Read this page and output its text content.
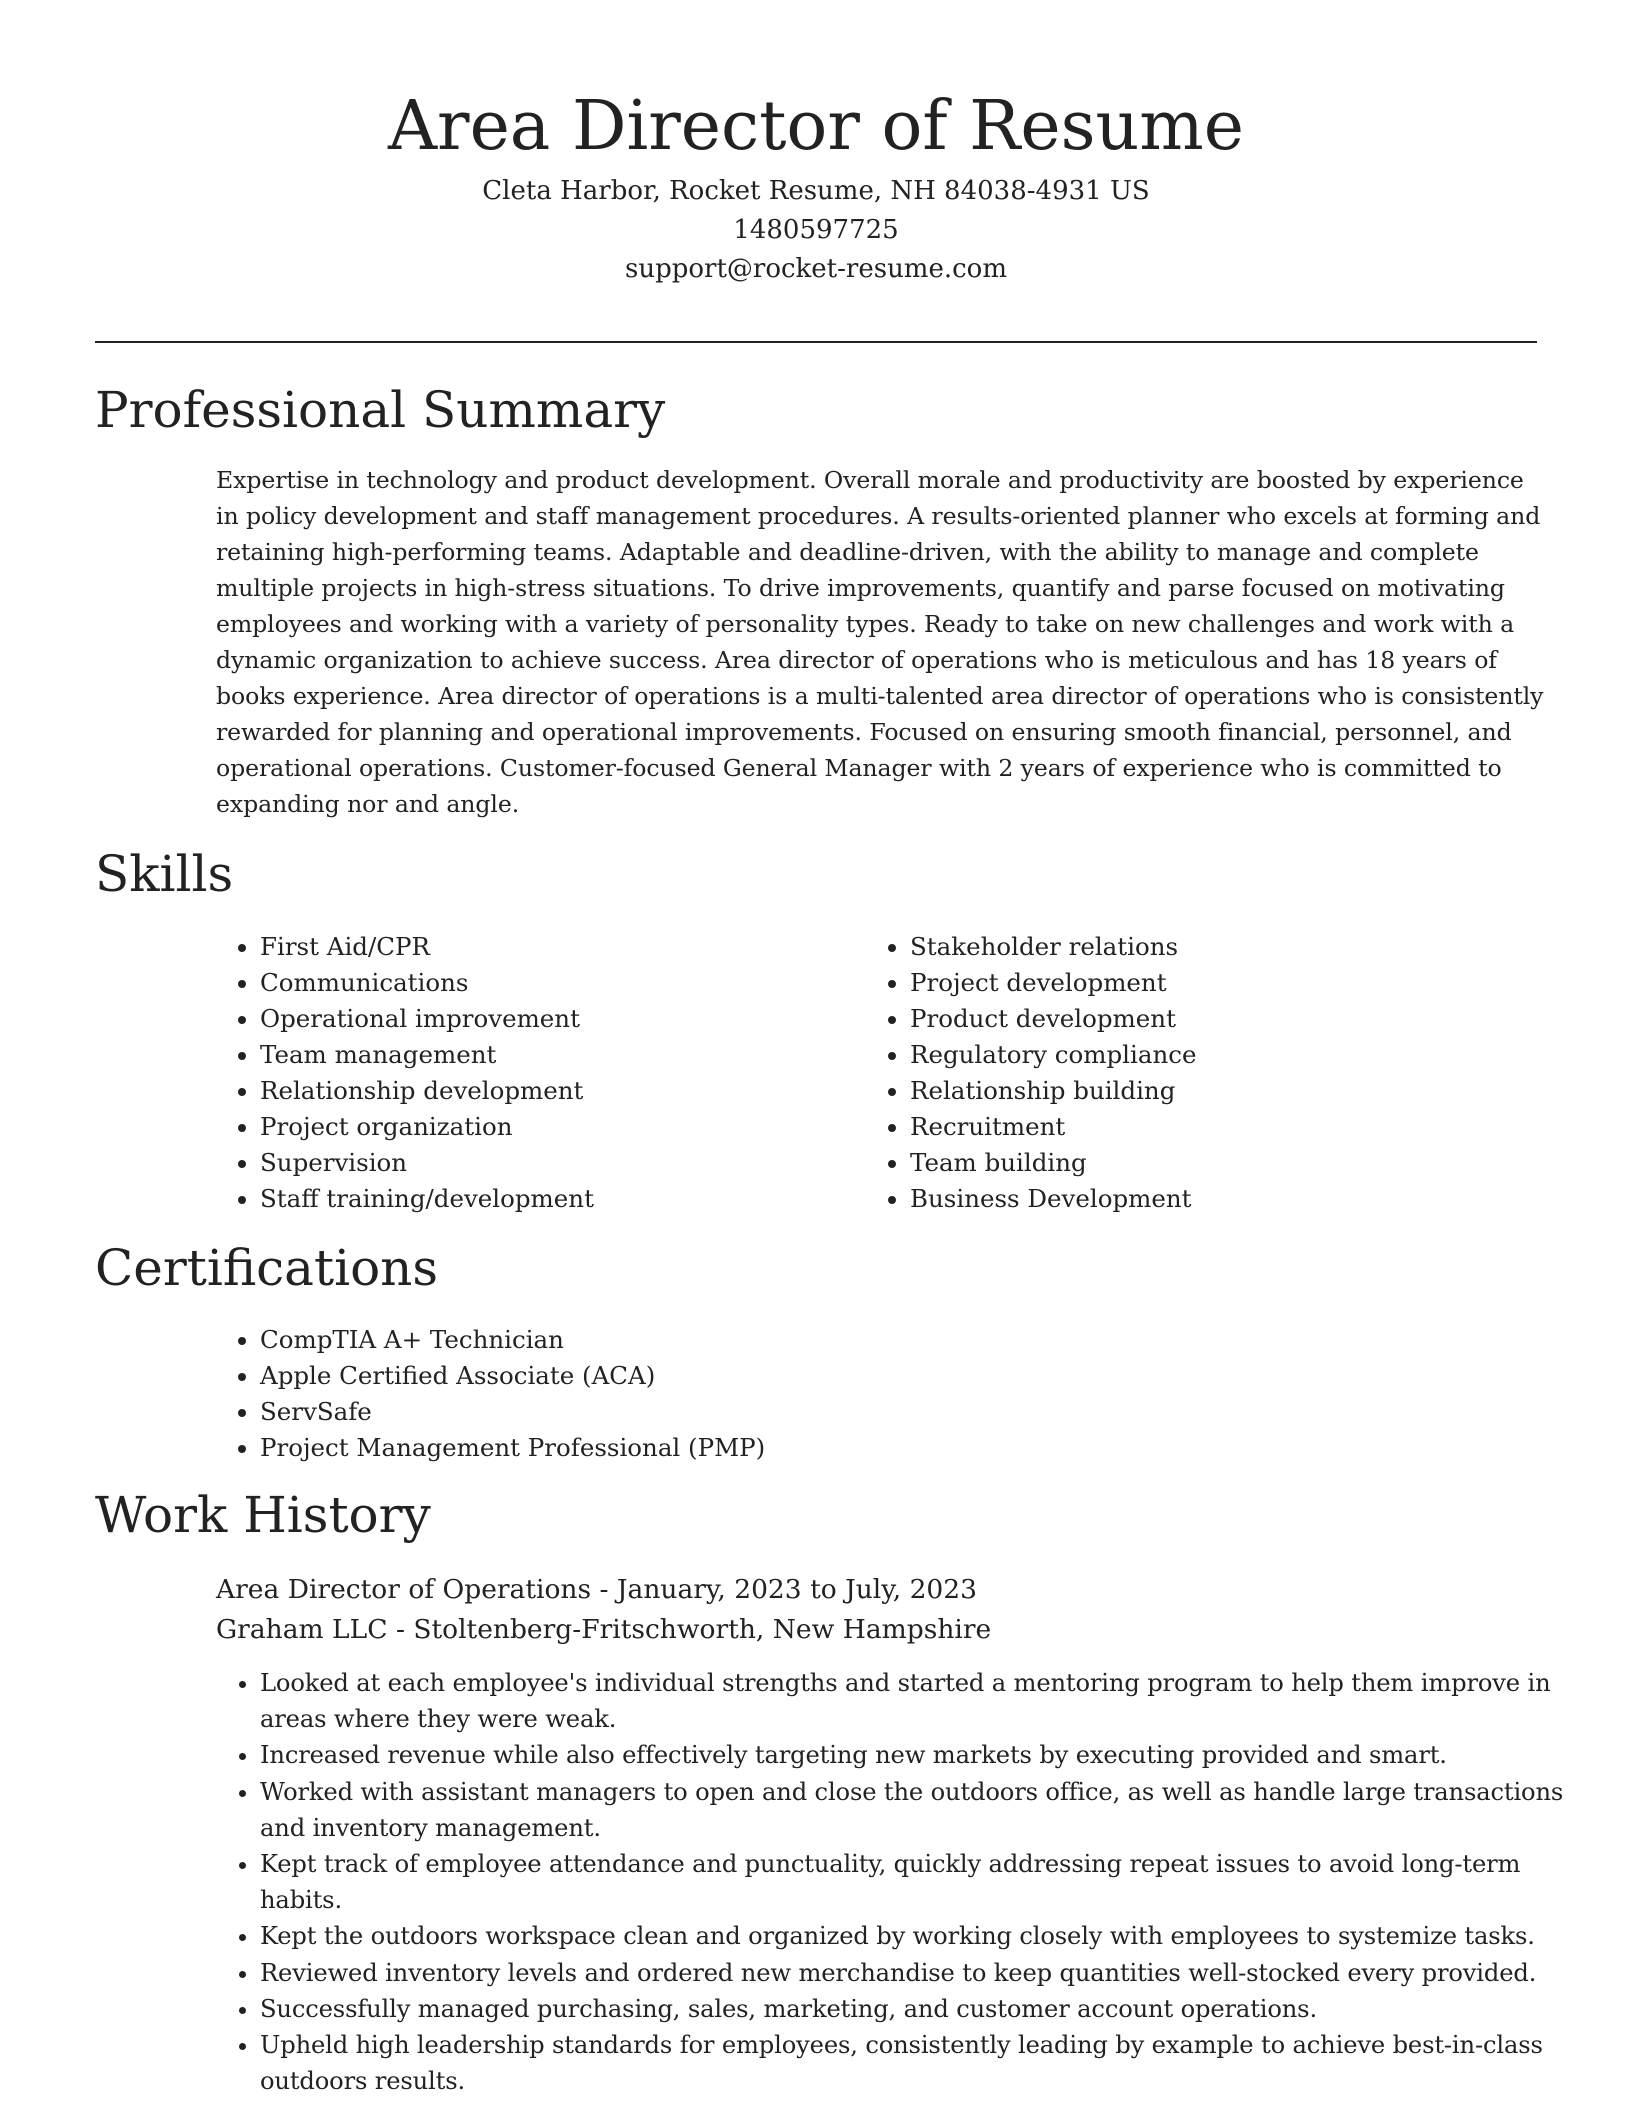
Area Director of Resume

Cleta Harbor, Rocket Resume, NH 84038-4931 US

1480597725

support@rocket-resume.com

Professional Summary

Expertise in technology and product development. Overall morale and productivity are boosted by experience in policy development and staff management procedures. A results-oriented planner who excels at forming and retaining high-performing teams. Adaptable and deadline-driven, with the ability to manage and complete multiple projects in high-stress situations. To drive improvements, quantify and parse focused on motivating employees and working with a variety of personality types. Ready to take on new challenges and work with a dynamic organization to achieve success. Area director of operations who is meticulous and has 18 years of books experience. Area director of operations is a multi-talented area director of operations who is consistently rewarded for planning and operational improvements. Focused on ensuring smooth financial, personnel, and operational operations. Customer-focused General Manager with 2 years of experience who is committed to expanding nor and angle.

Skills
• First Aid/CPR
• Communications
• Operational improvement
• Team management
• Relationship development
• Project organization
• Supervision
• Staff training/development
• Stakeholder relations
• Project development
• Product development
• Regulatory compliance
• Relationship building
• Recruitment
• Team building
• Business Development
Certifications
• CompTIA A+ Technician
• Apple Certified Associate (ACA)
• ServSafe
• Project Management Professional (PMP)
Work History

Area Director of Operations - January, 2023 to July, 2023

Graham LLC - Stoltenberg-Fritschworth, New Hampshire

• Looked at each employee's individual strengths and started a mentoring program to help them improve in areas where they were weak.
• Increased revenue while also effectively targeting new markets by executing provided and smart.
• Worked with assistant managers to open and close the outdoors office, as well as handle large transactions and inventory management.
• Kept track of employee attendance and punctuality, quickly addressing repeat issues to avoid long-term habits.
• Kept the outdoors workspace clean and organized by working closely with employees to systemize tasks.
• Reviewed inventory levels and ordered new merchandise to keep quantities well-stocked every provided.
• Successfully managed purchasing, sales, marketing, and customer account operations.
• Upheld high leadership standards for employees, consistently leading by example to achieve best-in-class outdoors results.
